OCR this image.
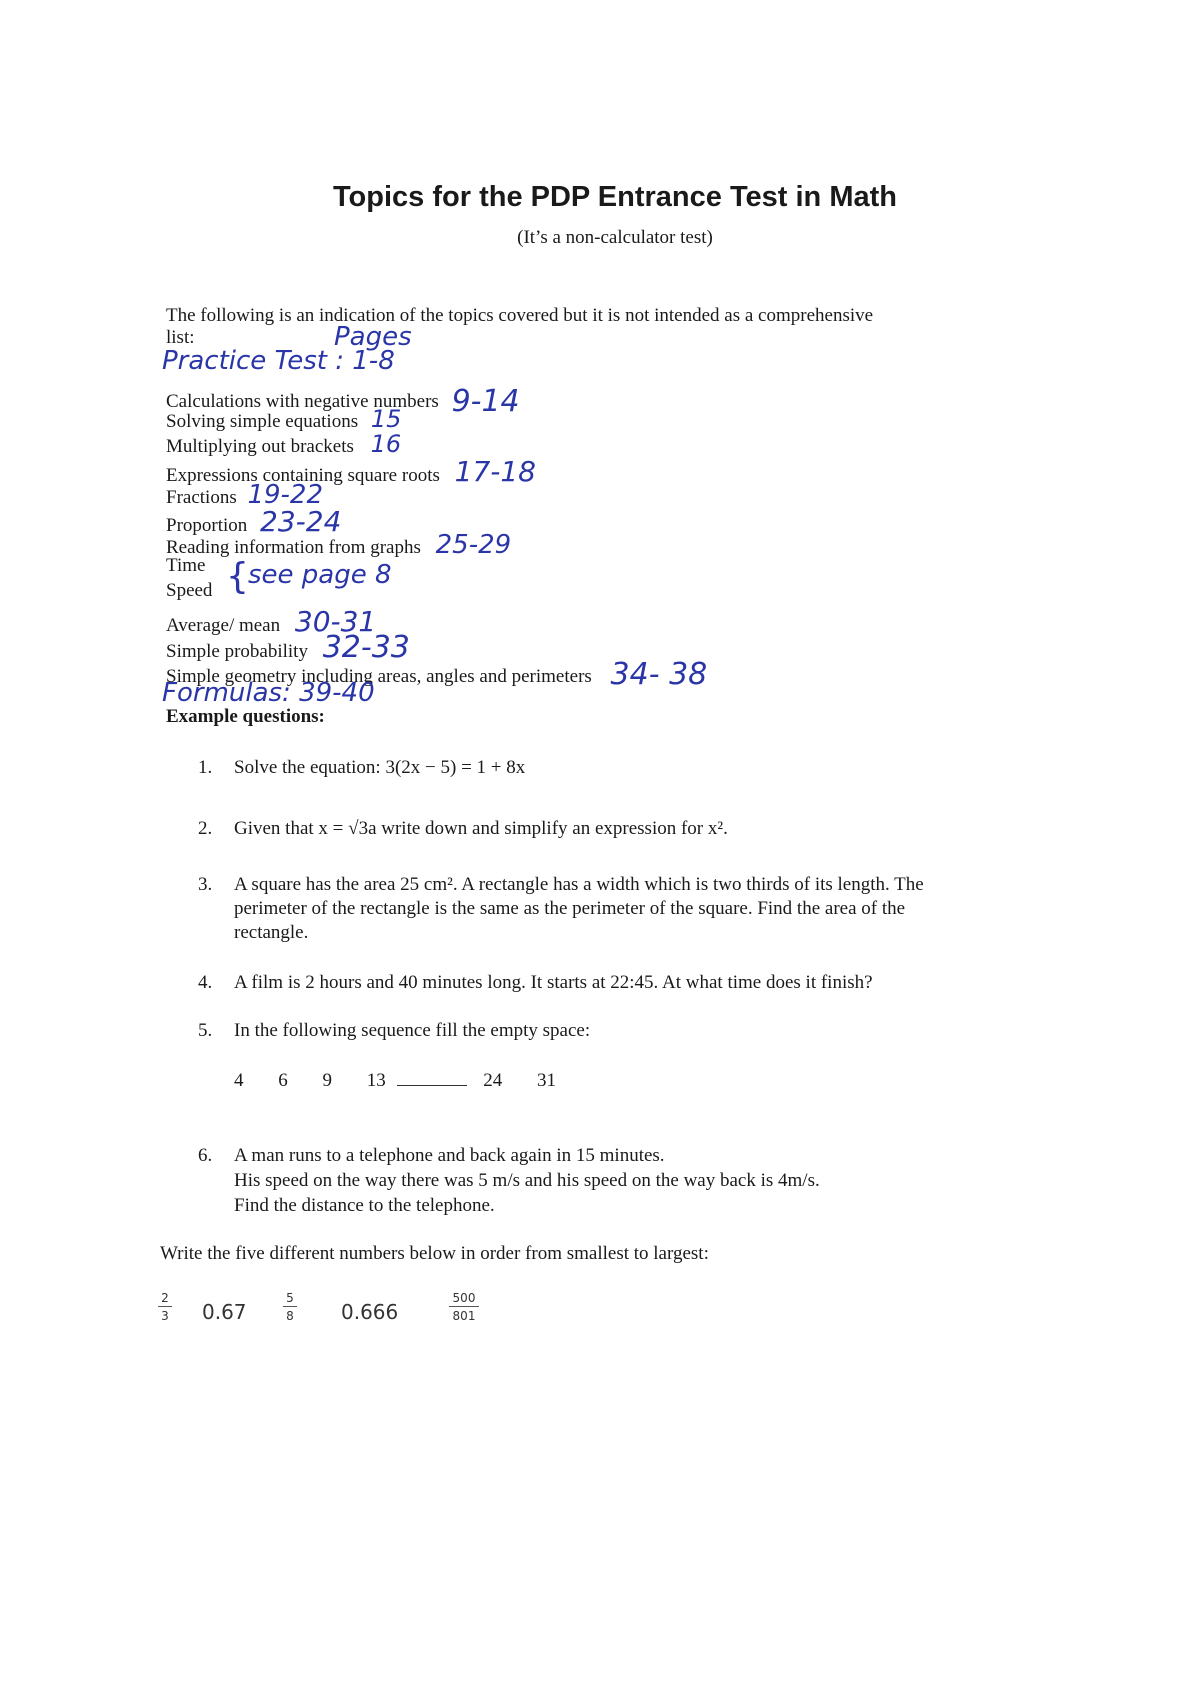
Topics for the PDP Entrance Test in Math
(It’s a non-calculator test)
The following is an indication of the topics covered but it is not intended as a comprehensive
list:	Pages
Practice Test : 1-8
Calculations with negative numbers 9-14
Solving simple equations 15
Multiplying out brackets 16
Expressions containing square roots 17-18
Fractions 19-22
Proportion 23-24
Reading information from graphs 25-29
Time
Speed { see page 8
Average/ mean 30-31
Simple probability 32-33
Simple geometry including areas, angles and perimeters 34- 38
Formulas: 39-40
Example questions:
1. Solve the equation: 3(2x − 5) = 1 + 8x
2. Given that x = √3a write down and simplify an expression for x².
3. A square has the area 25 cm². A rectangle has a width which is two thirds of its length. The
perimeter of the rectangle is the same as the perimeter of the square. Find the area of the
rectangle.
4. A film is 2 hours and 40 minutes long. It starts at 22:45. At what time does it finish?
5. In the following sequence fill the empty space:
4 6 9 13	24 31
6. A man runs to a telephone and back again in 15 minutes.
His speed on the way there was 5 m/s and his speed on the way back is 4m/s.
Find the distance to the telephone.
Write the five different numbers below in order from smallest to largest:
$\frac{2}{3} 0.67$	$\frac{5}{8} 0.666$	$\frac{500}{801}$
